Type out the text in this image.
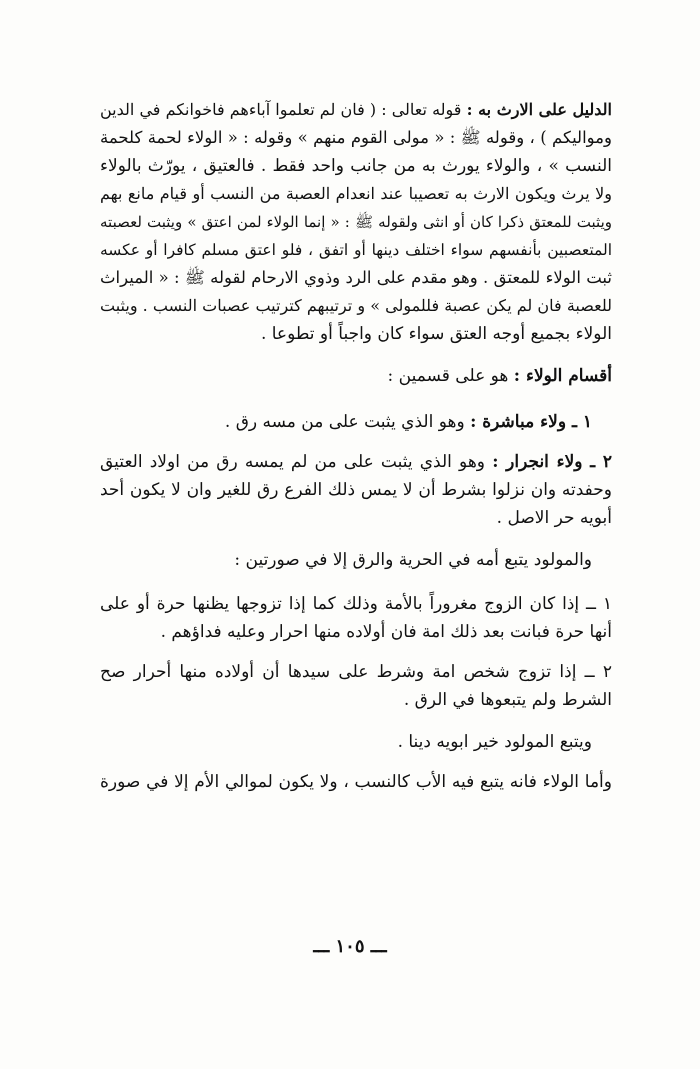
الدليل على الارث به : قوله تعالى : ( فان لم تعلموا آباءهم فاخوانكم في الدين
ومواليكم ) ، وقوله ﷺ : « مولى القوم منهم » وقوله : « الولاء لحمة كلحمة
النسب » ، والولاء يورث به من جانب واحد فقط . فالعتيق ، يورّث بالولاء
ولا يرث ويكون الارث به تعصيبا عند انعدام العصبة من النسب أو قيام مانع بهم
ويثبت للمعتق ذكرا كان أو انثى ولقوله ﷺ : « إنما الولاء لمن اعتق » ويثبت لعصبته
المتعصبين بأنفسهم سواء اختلف دينها أو اتفق ، فلو اعتق مسلم كافرا أو عكسه
ثبت الولاء للمعتق . وهو مقدم على الرد وذوي الارحام لقوله ﷺ : « الميراث
للعصبة فان لم يكن عصبة فللمولى » و ترتيبهم كترتيب عصبات النسب . ويثبت
الولاء بجميع أوجه العتق سواء كان واجباً أو تطوعا .
أقسام الولاء : هو على قسمين :
١ ـ ولاء مباشرة : وهو الذي يثبت على من مسه رق .
٢ ـ ولاء انجرار : وهو الذي يثبت على من لم يمسه رق من اولاد العتيق
وحفدته وان نزلوا بشرط أن لا يمس ذلك الفرع رق للغير وان لا يكون أحد
أبويه حر الاصل .
والمولود يتبع أمه في الحرية والرق إلا في صورتين :
١ ــ إذا كان الزوج مغروراً بالأمة وذلك كما إذا تزوجها يظنها حرة أو على
أنها حرة فبانت بعد ذلك امة فان أولاده منها احرار وعليه فداؤهم .
٢ ــ إذا تزوج شخص امة وشرط على سيدها أن أولاده منها أحرار صح
الشرط ولم يتبعوها في الرق .
ويتبع المولود خير ابويه دينا .
وأما الولاء فانه يتبع فيه الأب كالنسب ، ولا يكون لموالي الأم إلا في صورة
ـــ ١٠٥ ـــ
